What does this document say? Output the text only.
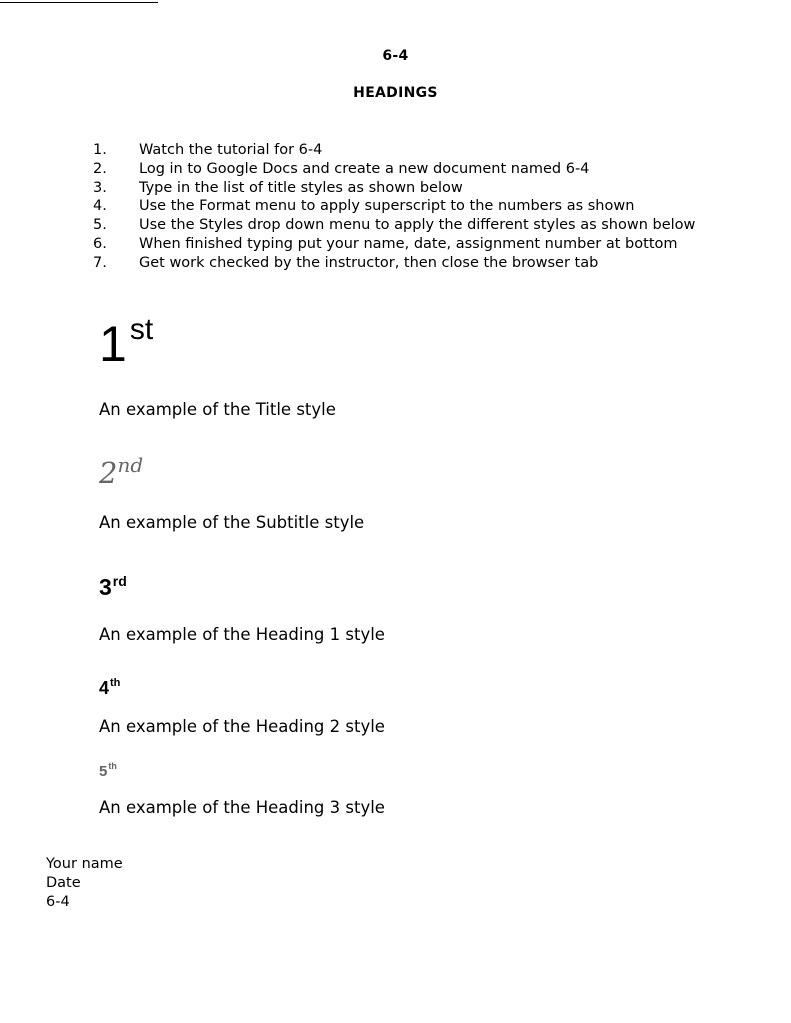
6-4
HEADINGS
1.	Watch the tutorial for 6-4
2.	Log in to Google Docs and create a new document named 6-4
3.	Type in the list of title styles as shown below
4.	Use the Format menu to apply superscript to the numbers as shown
5.	Use the Styles drop down menu to apply the different styles as shown below
6.	When finished typing put your name, date, assignment number at bottom
7.	Get work checked by the instructor, then close the browser tab
1 $^{st}$
An example of the Title style
2nd
An example of the Subtitle style
3rd
An example of the Heading 1 style
4th
An example of the Heading 2 style
5th
An example of the Heading 3 style
Your name
Date
6-4
